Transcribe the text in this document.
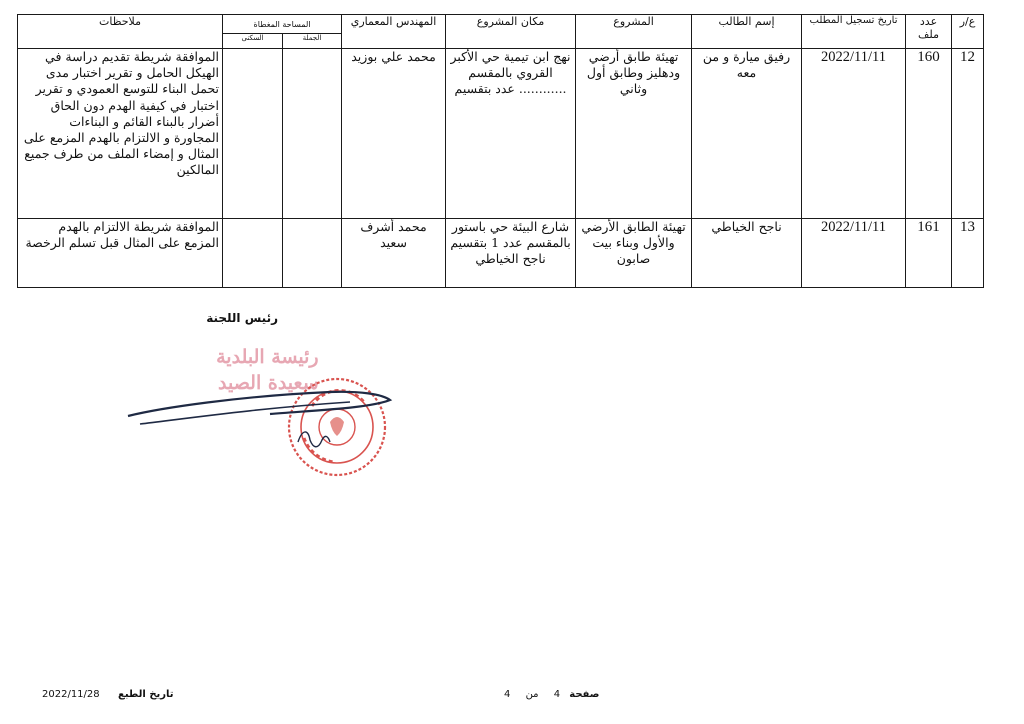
ع/ر	عدد ملف	تاريخ تسجيل المطلب	إسم الطالب	المشروع	مكان المشروع	المهندس المعماري	المساحة المغطاة		ملاحظات
							الجملة	السكنى	
12	160	2022/11/11	رفيق ميارة و من معه	تهيئة طابق أرضي ودهليز وطابق أول وثاني	نهج ابن تيمية حي الأكبر القروي بالمقسم ............ عدد بتقسيم	محمد علي بوزيد			الموافقة شريطة تقديم دراسة في الهيكل الحامل و تقرير اختبار مدى تحمل البناء للتوسع العمودي و تقرير اختبار في كيفية الهدم دون الحاق أضرار بالبناء القائم و البناءات المجاورة و الالتزام بالهدم المزمع على المثال و إمضاء الملف من طرف جميع المالكين
13	161	2022/11/11	ناجح الخياطي	تهيئة الطابق الأرضي والأول وبناء بيت صابون	شارع البيئة حي باستور بالمقسم عدد 1 بتقسيم ناجح الخياطي	محمد أشرف سعيد			الموافقة شريطة الالتزام بالهدم المزمع على المثال قبل تسلم الرخصة
رئيس اللجنة
رئيسة البلدية
سعيدة الصيد
2022/11/28 تاريخ الطبع	صفحة 4 من 4
